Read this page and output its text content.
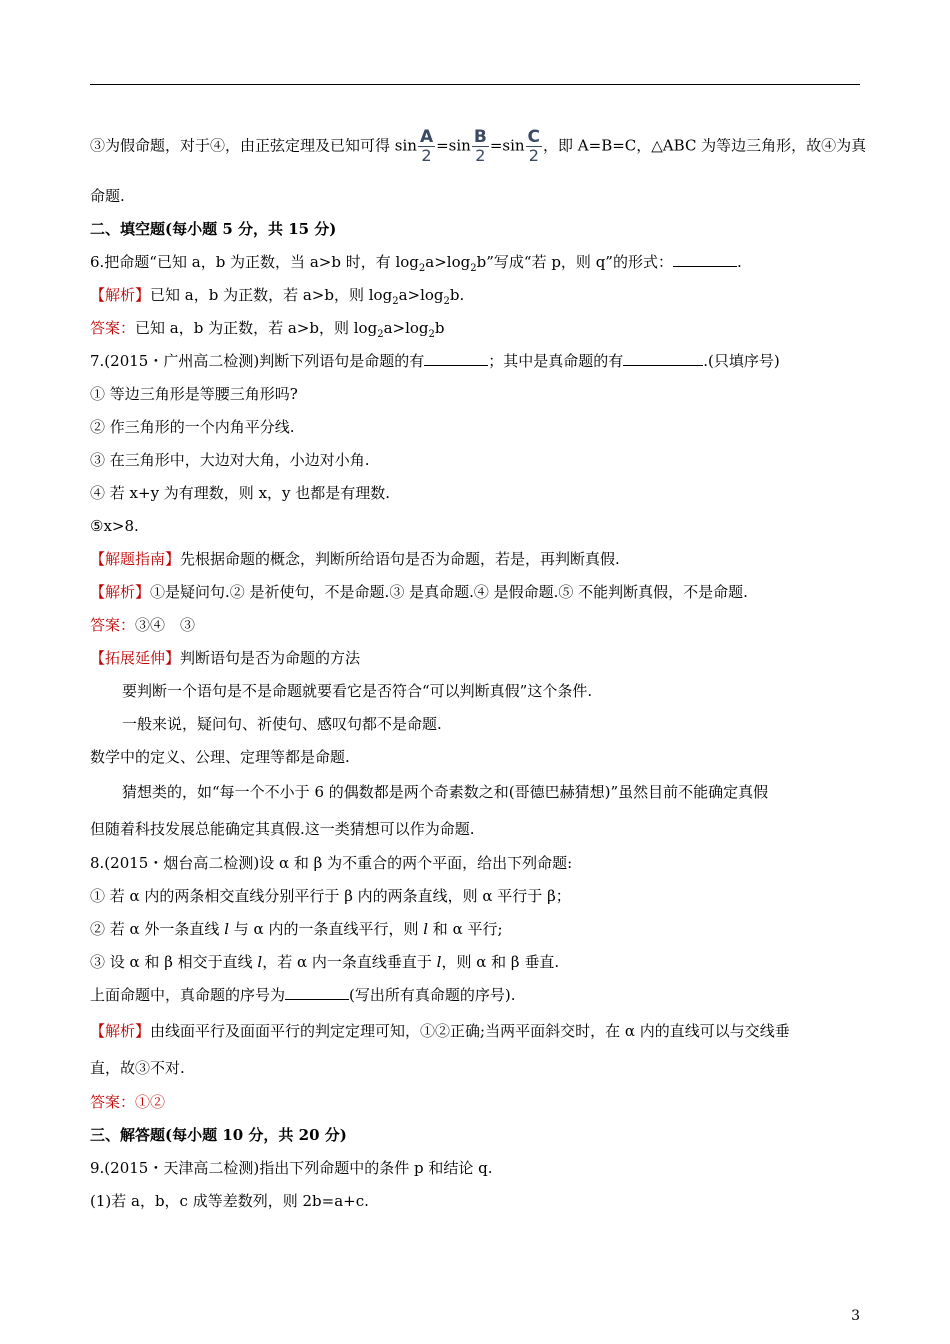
③为假命题，对于④，由正弦定理及已知可得 $\sin \frac{A}{2} =\sin \frac{B}{2} =\sin \frac{C}{2}$ ，即 A=B=C，△ABC 为等边三角形，故④为真
命题.
二、填空题(每小题 5 分，共 15 分)
6.把命题“已知 a，b 为正数，当 a>b 时，有 $\log_2a>\log_2b$”写成“若 p，则 q”的形式：	.
【解析】已知 a，b 为正数，若 a>b，则 $\log_2a>\log_2b$.
答案：已知 a，b 为正数，若 a>b，则 $\log_2a>\log_2b$
7.(2015・广州高二检测)判断下列语句是命题的有	；其中是真命题的有	.(只填序号)
① 等边三角形是等腰三角形吗?
② 作三角形的一个内角平分线.
③ 在三角形中，大边对大角，小边对小角.
④ 若 x+y 为有理数，则 x，y 也都是有理数.
⑤x>8.
【解题指南】先根据命题的概念，判断所给语句是否为命题，若是，再判断真假.
【解析】①是疑问句.② 是祈使句，不是命题.③ 是真命题.④ 是假命题.⑤ 不能判断真假，不是命题.
答案：③④　③
【拓展延伸】判断语句是否为命题的方法
要判断一个语句是不是命题就要看它是否符合“可以判断真假”这个条件.
一般来说，疑问句、祈使句、感叹句都不是命题.
数学中的定义、公理、定理等都是命题.
猜想类的，如“每一个不小于 6 的偶数都是两个奇素数之和(哥德巴赫猜想)”虽然目前不能确定真假
但随着科技发展总能确定其真假.这一类猜想可以作为命题.
8.(2015・烟台高二检测)设 α 和 β 为不重合的两个平面，给出下列命题:
① 若 α 内的两条相交直线分别平行于 β 内的两条直线，则 α 平行于 β；
② 若 α 外一条直线 l 与 α 内的一条直线平行，则 l 和 α 平行;
③ 设 α 和 β 相交于直线 l，若 α 内一条直线垂直于 l，则 α 和 β 垂直.
上面命题中，真命题的序号为	(写出所有真命题的序号).
【解析】由线面平行及面面平行的判定定理可知，①②正确;当两平面斜交时，在 α 内的直线可以与交线垂
直，故③不对.
答案：①②
三、解答题(每小题 10 分，共 20 分)
9.(2015・天津高二检测)指出下列命题中的条件 p 和结论 q.
(1)若 a，b，c 成等差数列，则 2b=a+c.
3
